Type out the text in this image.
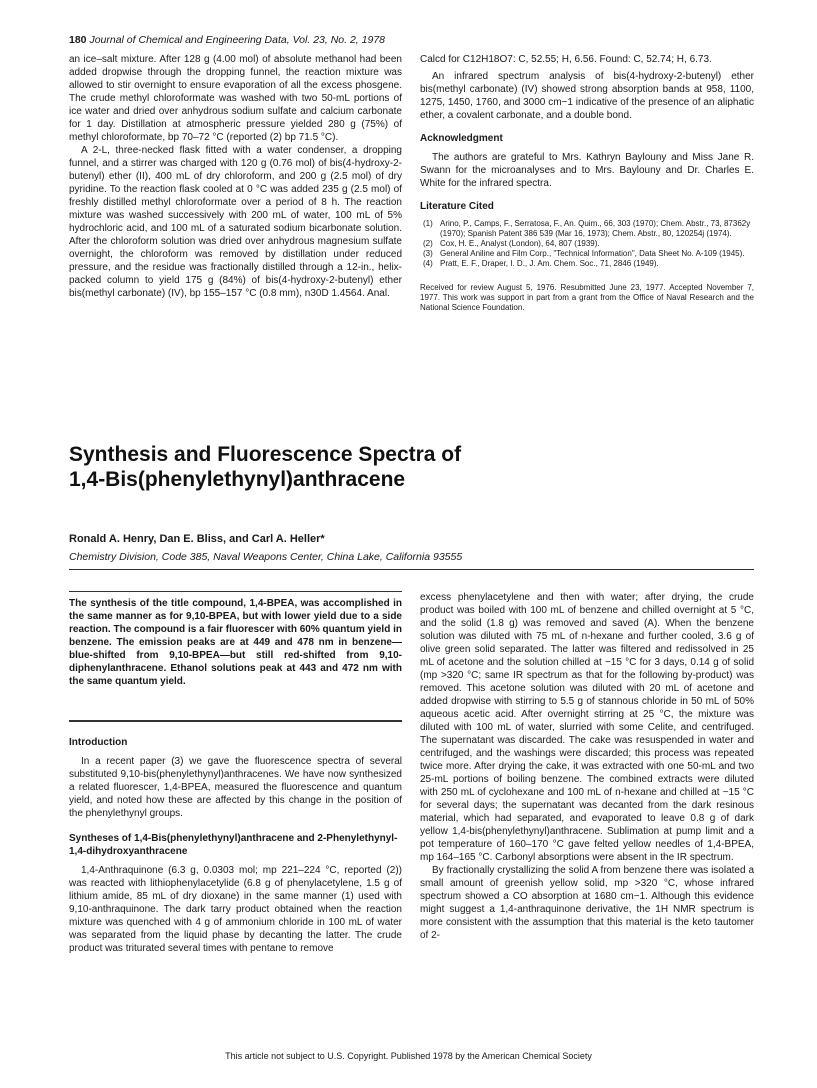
180 Journal of Chemical and Engineering Data, Vol. 23, No. 2, 1978

an ice–salt mixture. After 128 g (4.00 mol) of absolute methanol had been added dropwise through the dropping funnel, the reaction mixture was allowed to stir overnight to ensure evaporation of all the excess phosgene. The crude methyl chloroformate was washed with two 50-mL portions of ice water and dried over anhydrous sodium sulfate and calcium carbonate for 1 day. Distillation at atmospheric pressure yielded 280 g (75%) of methyl chloroformate, bp 70–72 °C (reported (2) bp 71.5 °C).

A 2-L, three-necked flask fitted with a water condenser, a dropping funnel, and a stirrer was charged with 120 g (0.76 mol) of bis(4-hydroxy-2-butenyl) ether (II), 400 mL of dry chloroform, and 200 g (2.5 mol) of dry pyridine. To the reaction flask cooled at 0 °C was added 235 g (2.5 mol) of freshly distilled methyl chloroformate over a period of 8 h. The reaction mixture was washed successively with 200 mL of water, 100 mL of 5% hydrochloric acid, and 100 mL of a saturated sodium bicarbonate solution. After the chloroform solution was dried over anhydrous magnesium sulfate overnight, the chloroform was removed by distillation under reduced pressure, and the residue was fractionally distilled through a 12-in., helix-packed column to yield 175 g (84%) of bis(4-hydroxy-2-butenyl) ether bis(methyl carbonate) (IV), bp 155–157 °C (0.8 mm), n30D 1.4564. Anal.

Calcd for C12H18O7: C, 52.55; H, 6.56. Found: C, 52.74; H, 6.73.

An infrared spectrum analysis of bis(4-hydroxy-2-butenyl) ether bis(methyl carbonate) (IV) showed strong absorption bands at 958, 1100, 1275, 1450, 1760, and 3000 cm−1 indicative of the presence of an aliphatic ether, a covalent carbonate, and a double bond.

Acknowledgment

The authors are grateful to Mrs. Kathryn Baylouny and Miss Jane R. Swann for the microanalyses and to Mrs. Baylouny and Dr. Charles E. White for the infrared spectra.

Literature Cited
(1) Arino, P., Camps, F., Serratosa, F., An. Quim., 66, 303 (1970); Chem. Abstr., 73, 87362y (1970); Spanish Patent 386 539 (Mar 16, 1973); Chem. Abstr., 80, 120254j (1974).
(2) Cox, H. E., Analyst (London), 64, 807 (1939).
(3) General Aniline and Film Corp., "Technical Information", Data Sheet No. A-109 (1945).
(4) Pratt, E. F., Draper, I. D., J. Am. Chem. Soc., 71, 2846 (1949).

Received for review August 5, 1976. Resubmitted June 23, 1977. Accepted November 7, 1977. This work was support in part from a grant from the Office of Naval Research and the National Science Foundation.

Synthesis and Fluorescence Spectra of
1,4-Bis(phenylethynyl)anthracene
Ronald A. Henry, Dan E. Bliss, and Carl A. Heller*
Chemistry Division, Code 385, Naval Weapons Center, China Lake, California 93555

The synthesis of the title compound, 1,4-BPEA, was accomplished in the same manner as for 9,10-BPEA, but with lower yield due to a side reaction. The compound is a fair fluorescer with 60% quantum yield in benzene. The emission peaks are at 449 and 478 nm in benzene—blue-shifted from 9,10-BPEA—but still red-shifted from 9,10-diphenylanthracene. Ethanol solutions peak at 443 and 472 nm with the same quantum yield.

Introduction

In a recent paper (3) we gave the fluorescence spectra of several substituted 9,10-bis(phenylethynyl)anthracenes. We have now synthesized a related fluorescer, 1,4-BPEA, measured the fluorescence and quantum yield, and noted how these are affected by this change in the position of the phenylethynyl groups.

Syntheses of 1,4-Bis(phenylethynyl)anthracene and 2-Phenylethynyl-1,4-dihydroxyanthracene

1,4-Anthraquinone (6.3 g, 0.0303 mol; mp 221–224 °C, reported (2)) was reacted with lithiophenylacetylide (6.8 g of phenylacetylene, 1.5 g of lithium amide, 85 mL of dry dioxane) in the same manner (1) used with 9,10-anthraquinone. The dark tarry product obtained when the reaction mixture was quenched with 4 g of ammonium chloride in 100 mL of water was separated from the liquid phase by decanting the latter. The crude product was triturated several times with pentane to remove

excess phenylacetylene and then with water; after drying, the crude product was boiled with 100 mL of benzene and chilled overnight at 5 °C, and the solid (1.8 g) was removed and saved (A). When the benzene solution was diluted with 75 mL of n-hexane and further cooled, 3.6 g of olive green solid separated. The latter was filtered and redissolved in 25 mL of acetone and the solution chilled at −15 °C for 3 days, 0.14 g of solid (mp >320 °C; same IR spectrum as that for the following by-product) was removed. This acetone solution was diluted with 20 mL of acetone and added dropwise with stirring to 5.5 g of stannous chloride in 50 mL of 50% aqueous acetic acid. After overnight stirring at 25 °C, the mixture was diluted with 100 mL of water, slurried with some Celite, and centrifuged. The supernatant was discarded. The cake was resuspended in water and centrifuged, and the washings were discarded; this process was repeated twice more. After drying the cake, it was extracted with one 50-mL and two 25-mL portions of boiling benzene. The combined extracts were diluted with 250 mL of cyclohexane and 100 mL of n-hexane and chilled at −15 °C for several days; the supernatant was decanted from the dark resinous material, which had separated, and evaporated to leave 0.8 g of dark yellow 1,4-bis(phenylethynyl)anthracene. Sublimation at pump limit and a pot temperature of 160–170 °C gave felted yellow needles of 1,4-BPEA, mp 164–165 °C. Carbonyl absorptions were absent in the IR spectrum.

By fractionally crystallizing the solid A from benzene there was isolated a small amount of greenish yellow solid, mp >320 °C, whose infrared spectrum showed a CO absorption at 1680 cm−1. Although this evidence might suggest a 1,4-anthraquinone derivative, the 1H NMR spectrum is more consistent with the assumption that this material is the keto tautomer of 2-

This article not subject to U.S. Copyright. Published 1978 by the American Chemical Society
